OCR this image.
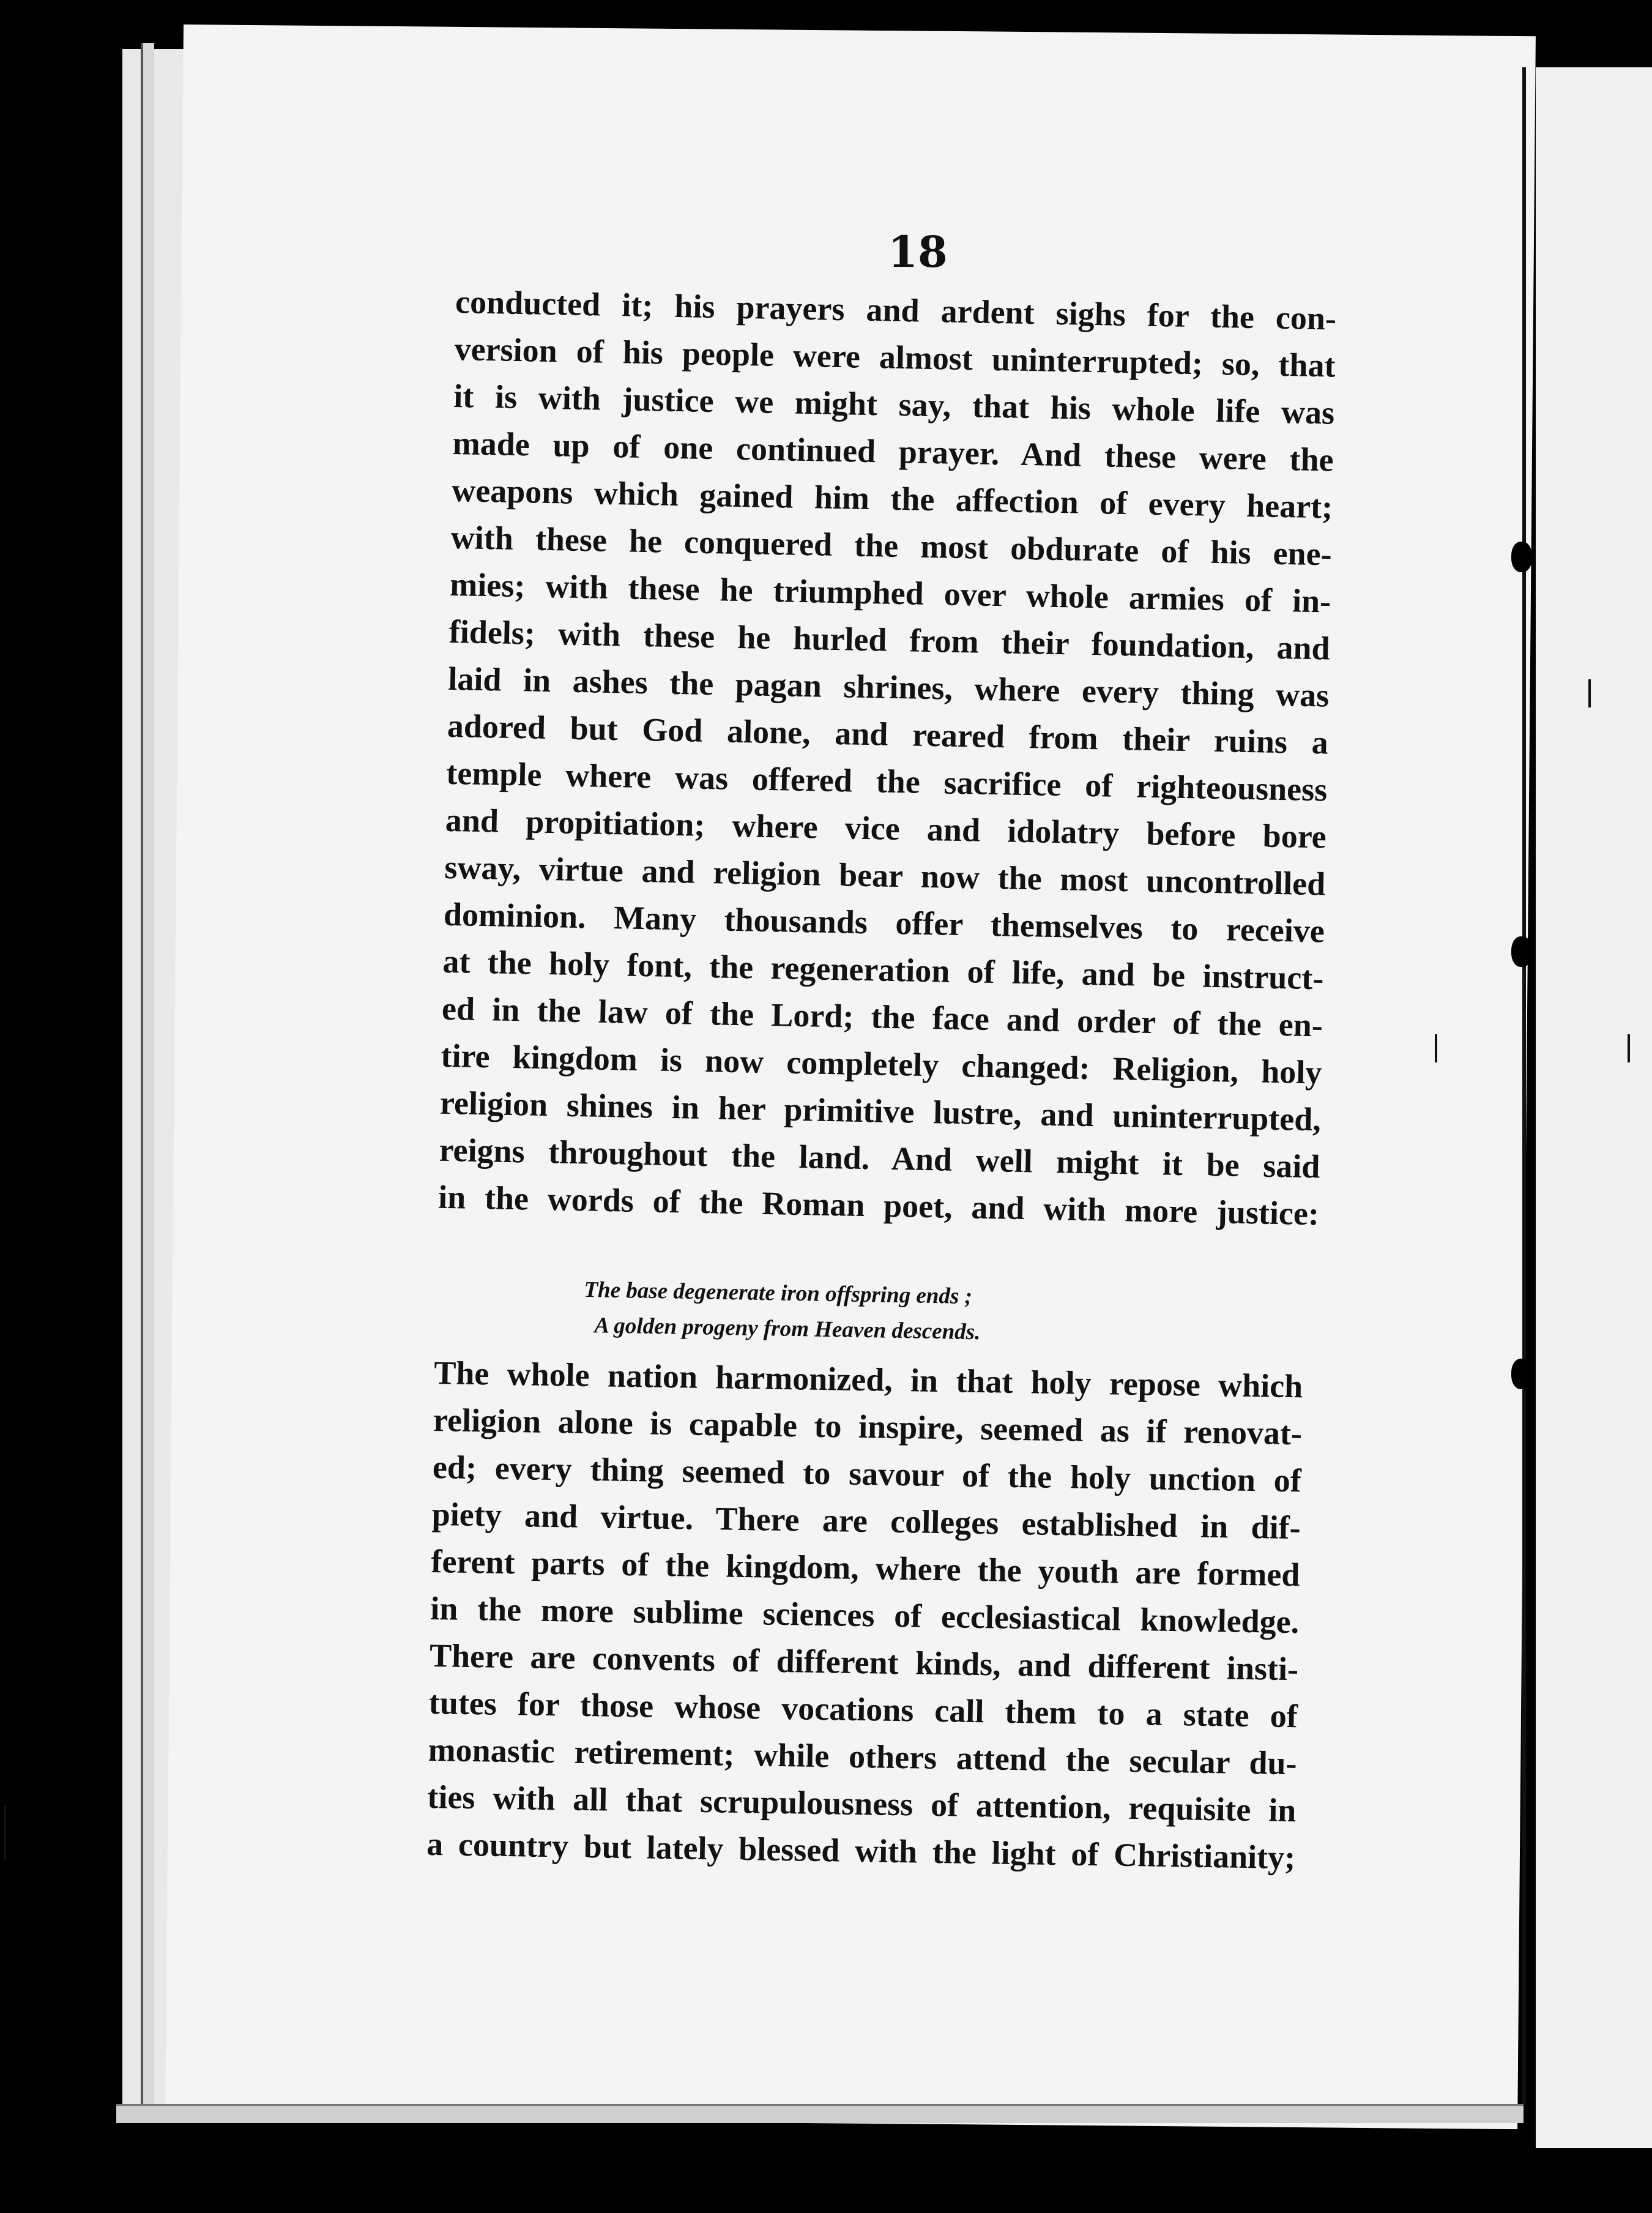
18
conducted it; his prayers and ardent sighs for the con-
version of his people were almost uninterrupted; so, that
it is with justice we might say, that his whole life was
made up of one continued prayer. And these were the
weapons which gained him the affection of every heart;
with these he conquered the most obdurate of his ene-
mies; with these he triumphed over whole armies of in-
fidels; with these he hurled from their foundation, and
laid in ashes the pagan shrines, where every thing was
adored but God alone, and reared from their ruins a
temple where was offered the sacrifice of righteousness
and propitiation; where vice and idolatry before bore
sway, virtue and religion bear now the most uncontrolled
dominion. Many thousands offer themselves to receive
at the holy font, the regeneration of life, and be instruct-
ed in the law of the Lord; the face and order of the en-
tire kingdom is now completely changed: Religion, holy
religion shines in her primitive lustre, and uninterrupted,
reigns throughout the land. And well might it be said
in the words of the Roman poet, and with more justice:
The base degenerate iron offspring ends ;
A golden progeny from Heaven descends.
The whole nation harmonized, in that holy repose which
religion alone is capable to inspire, seemed as if renovat-
ed; every thing seemed to savour of the holy unction of
piety and virtue. There are colleges established in dif-
ferent parts of the kingdom, where the youth are formed
in the more sublime sciences of ecclesiastical knowledge.
There are convents of different kinds, and different insti-
tutes for those whose vocations call them to a state of
monastic retirement; while others attend the secular du-
ties with all that scrupulousness of attention, requisite in
a country but lately blessed with the light of Christianity;
